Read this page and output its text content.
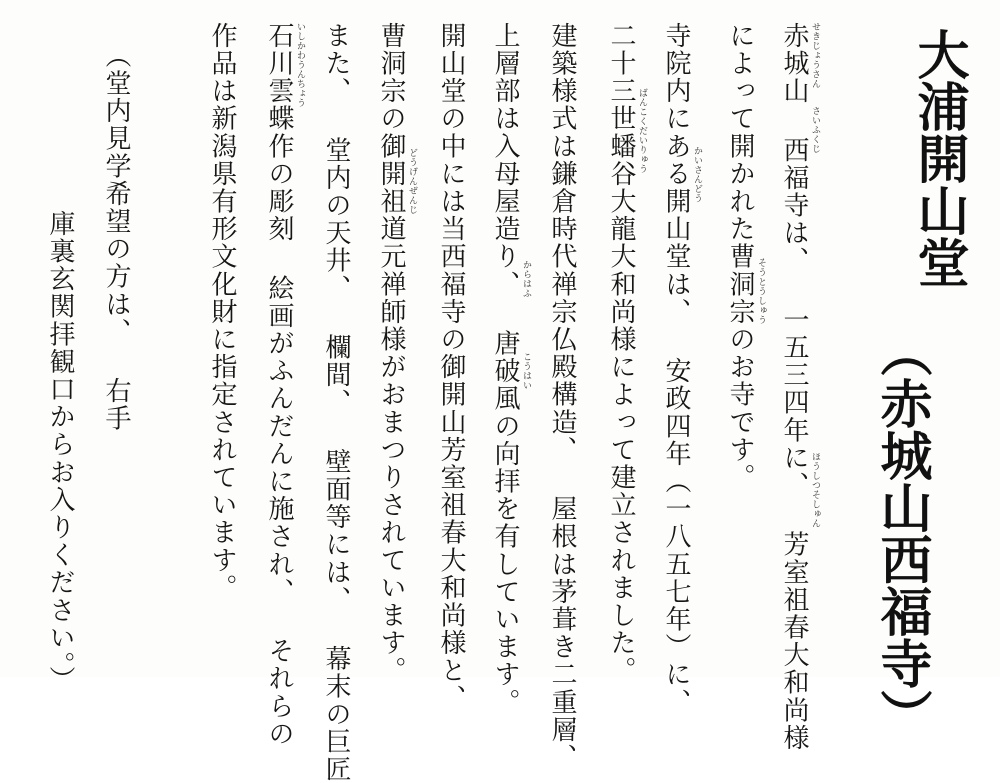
大浦開山堂
（赤城山西福寺）
赤城山 西福寺は、 一五三四年に、 芳室祖春大和尚様
によって開かれた曹洞宗のお寺です。
寺院内にある開山堂は、 安政四年（一八五七年）に、
二十三世蟠谷大龍大和尚様によって建立されました。
建築様式は鎌倉時代禅宗仏殿構造、 屋根は茅葺き二重層、
上層部は入母屋造り、 唐破風の向拝を有しています。
開山堂の中には当西福寺の御開山芳室祖春大和尚様と、
曹洞宗の御開祖道元禅師様がおまつりされています。
また、 堂内の天井、 欄間、 壁面等には、 幕末の巨匠
石川雲蝶作の彫刻 絵画がふんだんに施され、 それらの
作品は新潟県有形文化財に指定されています。
（堂内見学希望の方は、 右手
庫裏玄関拝観口からお入りください。）
せきじょうさん
さいふくじ
ほうしつそしゅん
そうとうしゅう
かいさんどう
ばんこくだいりゅう
からはふ
こうはい
どうげんぜんじ
いしかわうんちょう
